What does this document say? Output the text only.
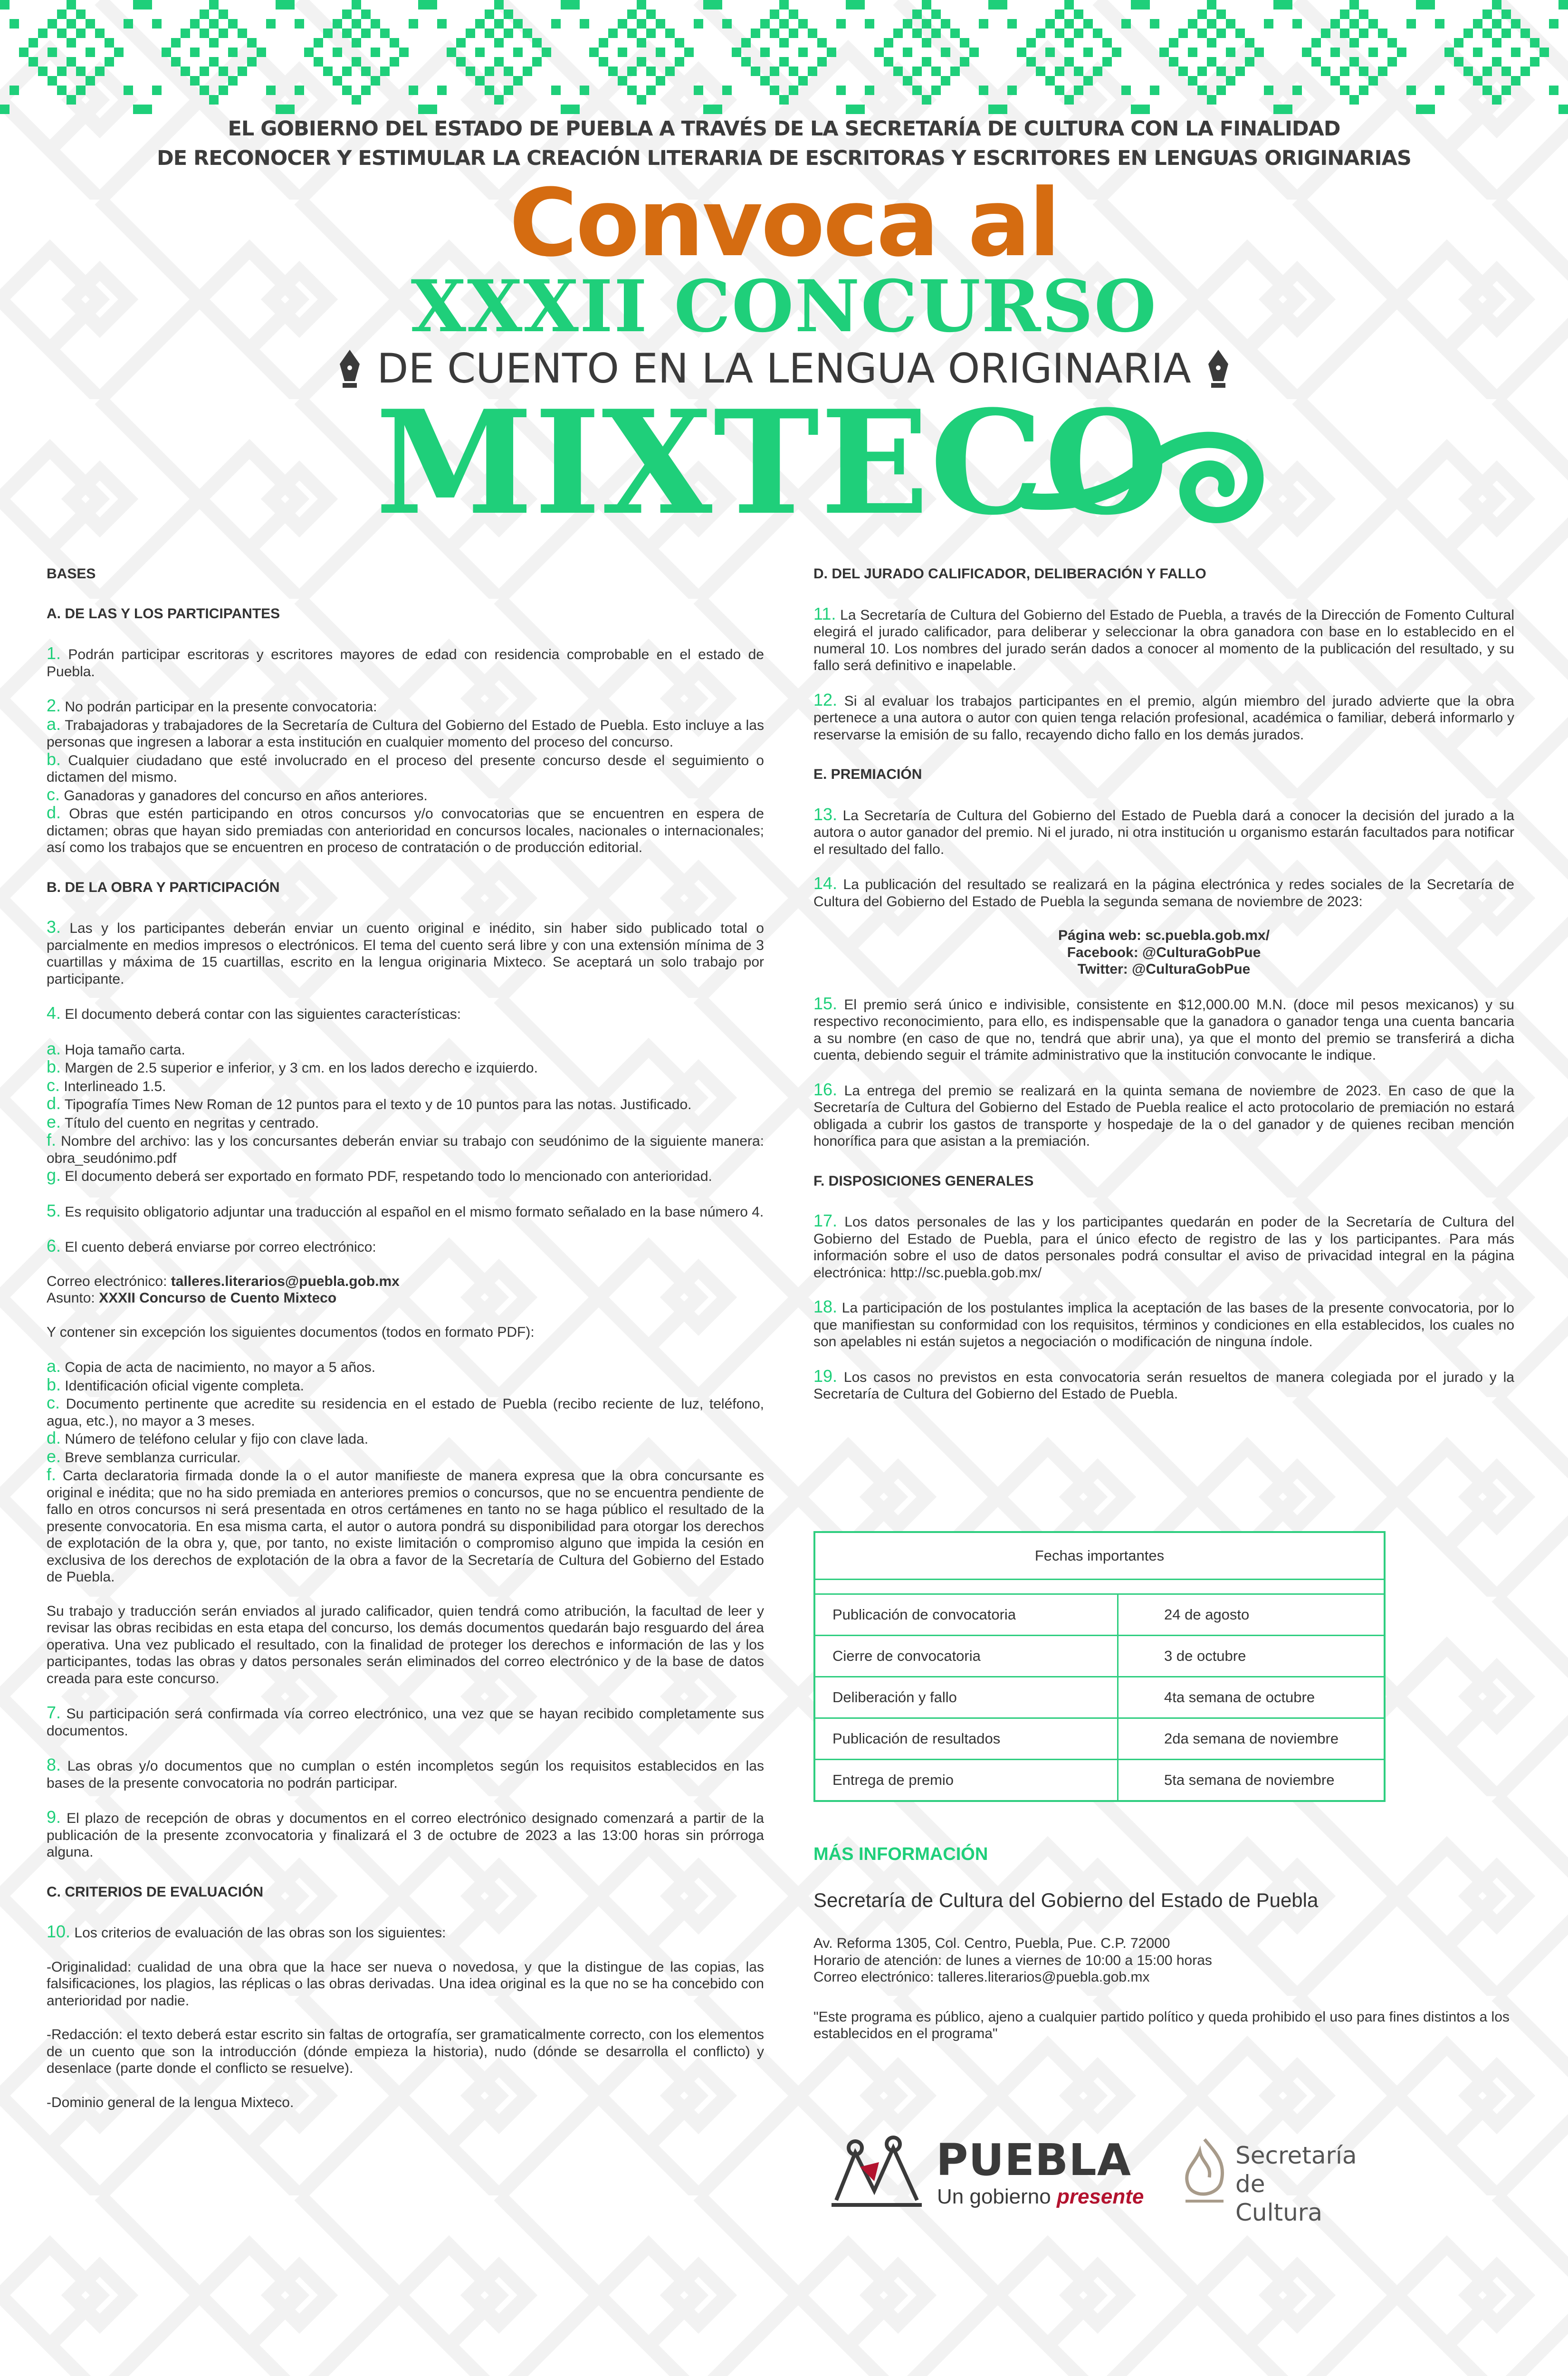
EL GOBIERNO DEL ESTADO DE PUEBLA A TRAVÉS DE LA SECRETARÍA DE CULTURA CON LA FINALIDAD
DE RECONOCER Y ESTIMULAR LA CREACIÓN LITERARIA DE ESCRITORAS Y ESCRITORES EN LENGUAS ORIGINARIAS
Convoca al
XXXII CONCURSO
DE CUENTO EN LA LENGUA ORIGINARIA
MIXTECO

BASES

A. DE LAS Y LOS PARTICIPANTES

1. Podrán participar escritoras y escritores mayores de edad con residencia comprobable en el estado de Puebla.

2. No podrán participar en la presente convocatoria:

a. Trabajadoras y trabajadores de la Secretaría de Cultura del Gobierno del Estado de Puebla. Esto incluye a las personas que ingresen a laborar a esta institución en cualquier momento del proceso del concurso.

b. Cualquier ciudadano que esté involucrado en el proceso del presente concurso desde el seguimiento o dictamen del mismo.

c. Ganadoras y ganadores del concurso en años anteriores.

d. Obras que estén participando en otros concursos y/o convocatorias que se encuentren en espera de dictamen; obras que hayan sido premiadas con anterioridad en concursos locales, nacionales o internacionales; así como los trabajos que se encuentren en proceso de contratación o de producción editorial.

B. DE LA OBRA Y PARTICIPACIÓN

3. Las y los participantes deberán enviar un cuento original e inédito, sin haber sido publicado total o parcialmente en medios impresos o electrónicos. El tema del cuento será libre y con una extensión mínima de 3 cuartillas y máxima de 15 cuartillas, escrito en la lengua originaria Mixteco. Se aceptará un solo trabajo por participante.

4. El documento deberá contar con las siguientes características:

a. Hoja tamaño carta.

b. Margen de 2.5 superior e inferior, y 3 cm. en los lados derecho e izquierdo.

c. Interlineado 1.5.

d. Tipografía Times New Roman de 12 puntos para el texto y de 10 puntos para las notas. Justificado.

e. Título del cuento en negritas y centrado.

f. Nombre del archivo: las y los concursantes deberán enviar su trabajo con seudónimo de la siguiente manera: obra_seudónimo.pdf

g. El documento deberá ser exportado en formato PDF, respetando todo lo mencionado con anterioridad.

5. Es requisito obligatorio adjuntar una traducción al español en el mismo formato señalado en la base número 4.

6. El cuento deberá enviarse por correo electrónico:

Correo electrónico: talleres.literarios@puebla.gob.mx

Asunto: XXXII Concurso de Cuento Mixteco

Y contener sin excepción los siguientes documentos (todos en formato PDF):

a. Copia de acta de nacimiento, no mayor a 5 años.

b. Identificación oficial vigente completa.

c. Documento pertinente que acredite su residencia en el estado de Puebla (recibo reciente de luz, teléfono, agua, etc.), no mayor a 3 meses.

d. Número de teléfono celular y fijo con clave lada.

e. Breve semblanza curricular.

f. Carta declaratoria firmada donde la o el autor manifieste de manera expresa que la obra concursante es original e inédita; que no ha sido premiada en anteriores premios o concursos, que no se encuentra pendiente de fallo en otros concursos ni será presentada en otros certámenes en tanto no se haga público el resultado de la presente convocatoria. En esa misma carta, el autor o autora pondrá su disponibilidad para otorgar los derechos de explotación de la obra y, que, por tanto, no existe limitación o compromiso alguno que impida la cesión en exclusiva de los derechos de explotación de la obra a favor de la Secretaría de Cultura del Gobierno del Estado de Puebla.

Su trabajo y traducción serán enviados al jurado calificador, quien tendrá como atribución, la facultad de leer y revisar las obras recibidas en esta etapa del concurso, los demás documentos quedarán bajo resguardo del área operativa. Una vez publicado el resultado, con la finalidad de proteger los derechos e información de las y los participantes, todas las obras y datos personales serán eliminados del correo electrónico y de la base de datos creada para este concurso.

7. Su participación será confirmada vía correo electrónico, una vez que se hayan recibido completamente sus documentos.

8. Las obras y/o documentos que no cumplan o estén incompletos según los requisitos establecidos en las bases de la presente convocatoria no podrán participar.

9. El plazo de recepción de obras y documentos en el correo electrónico designado comenzará a partir de la publicación de la presente zconvocatoria y finalizará el 3 de octubre de 2023 a las 13:00 horas sin prórroga alguna.

C. CRITERIOS DE EVALUACIÓN

10. Los criterios de evaluación de las obras son los siguientes:

-Originalidad: cualidad de una obra que la hace ser nueva o novedosa, y que la distingue de las copias, las falsificaciones, los plagios, las réplicas o las obras derivadas. Una idea original es la que no se ha concebido con anterioridad por nadie.

-Redacción: el texto deberá estar escrito sin faltas de ortografía, ser gramaticalmente correcto, con los elementos de un cuento que son la introducción (dónde empieza la historia), nudo (dónde se desarrolla el conflicto) y desenlace (parte donde el conflicto se resuelve).

-Dominio general de la lengua Mixteco.

D. DEL JURADO CALIFICADOR, DELIBERACIÓN Y FALLO

11. La Secretaría de Cultura del Gobierno del Estado de Puebla, a través de la Dirección de Fomento Cultural elegirá el jurado calificador, para deliberar y seleccionar la obra ganadora con base en lo establecido en el numeral 10. Los nombres del jurado serán dados a conocer al momento de la publicación del resultado, y su fallo será definitivo e inapelable.

12. Si al evaluar los trabajos participantes en el premio, algún miembro del jurado advierte que la obra pertenece a una autora o autor con quien tenga relación profesional, académica o familiar, deberá informarlo y reservarse la emisión de su fallo, recayendo dicho fallo en los demás jurados.

E. PREMIACIÓN

13. La Secretaría de Cultura del Gobierno del Estado de Puebla dará a conocer la decisión del jurado a la autora o autor ganador del premio. Ni el jurado, ni otra institución u organismo estarán facultados para notificar el resultado del fallo.

14. La publicación del resultado se realizará en la página electrónica y redes sociales de la Secretaría de Cultura del Gobierno del Estado de Puebla la segunda semana de noviembre de 2023:

Página web: sc.puebla.gob.mx/

Facebook: @CulturaGobPue

Twitter: @CulturaGobPue

15. El premio será único e indivisible, consistente en $12,000.00 M.N. (doce mil pesos mexicanos) y su respectivo reconocimiento, para ello, es indispensable que la ganadora o ganador tenga una cuenta bancaria a su nombre (en caso de que no, tendrá que abrir una), ya que el monto del premio se transferirá a dicha cuenta, debiendo seguir el trámite administrativo que la institución convocante le indique.

16. La entrega del premio se realizará en la quinta semana de noviembre de 2023. En caso de que la Secretaría de Cultura del Gobierno del Estado de Puebla realice el acto protocolario de premiación no estará obligada a cubrir los gastos de transporte y hospedaje de la o del ganador y de quienes reciban mención honorífica para que asistan a la premiación.

F. DISPOSICIONES GENERALES

17. Los datos personales de las y los participantes quedarán en poder de la Secretaría de Cultura del Gobierno del Estado de Puebla, para el único efecto de registro de las y los participantes. Para más información sobre el uso de datos personales podrá consultar el aviso de privacidad integral en la página electrónica: http://sc.puebla.gob.mx/

18. La participación de los postulantes implica la aceptación de las bases de la presente convocatoria, por lo que manifiestan su conformidad con los requisitos, términos y condiciones en ella establecidos, los cuales no son apelables ni están sujetos a negociación o modificación de ninguna índole.

19. Los casos no previstos en esta convocatoria serán resueltos de manera colegiada por el jurado y la Secretaría de Cultura del Gobierno del Estado de Puebla.

Fechas importantes
Publicación de convocatoria	24 de agosto
Cierre de convocatoria	3 de octubre
Deliberación y fallo	4ta semana de octubre
Publicación de resultados	2da semana de noviembre
Entrega de premio	5ta semana de noviembre

MÁS INFORMACIÓN

Secretaría de Cultura del Gobierno del Estado de Puebla

Av. Reforma 1305, Col. Centro, Puebla, Pue. C.P. 72000

Horario de atención: de lunes a viernes de 10:00 a 15:00 horas

Correo electrónico: talleres.literarios@puebla.gob.mx

"Este programa es público, ajeno a cualquier partido político y queda prohibido el uso para fines distintos a los establecidos en el programa"

PUEBLA
Un gobierno presente
Secretaría
de Cultura
